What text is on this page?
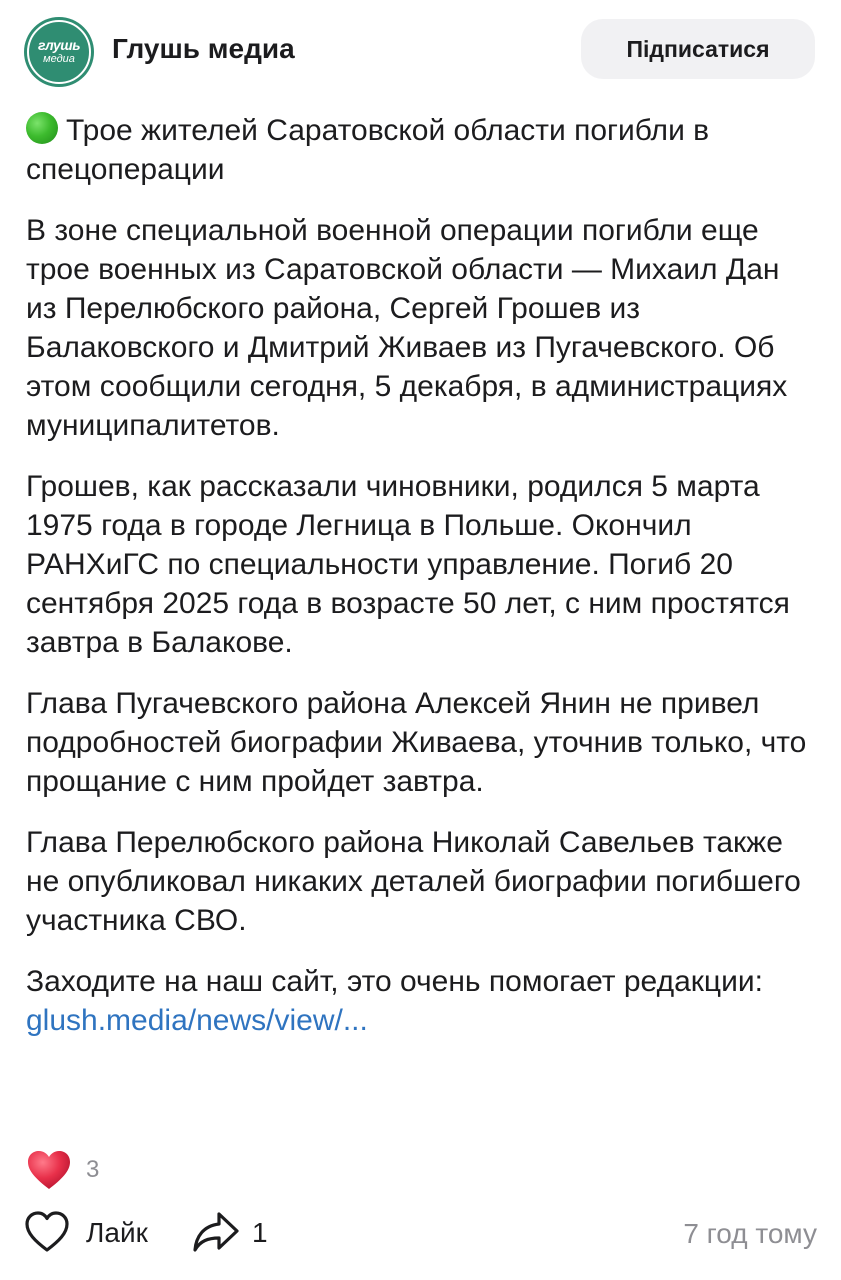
глушь
медиа	Глушь медиа	Підписатися

Трое жителей Саратовской области погибли в спецоперации

В зоне специальной военной операции погибли еще трое военных из Саратовской области — Михаил Дан из Перелюбского района, Сергей Грошев из Балаковского и Дмитрий Живаев из Пугачевского. Об этом сообщили сегодня, 5 декабря, в администрациях муниципалитетов.

Грошев, как рассказали чиновники, родился 5 марта 1975 года в городе Легница в Польше. Окончил РАНХиГС по специальности управление. Погиб 20 сентября 2025 года в возрасте 50 лет, с ним простятся завтра в Балакове.

Глава Пугачевского района Алексей Янин не привел подробностей биографии Живаева, уточнив только, что прощание с ним пройдет завтра.

Глава Перелюбского района Николай Савельев также не опубликовал никаких деталей биографии погибшего участника СВО.

Заходите на наш сайт, это очень помогает редакции: glush.media/news/view/...

3
Лайк	1	7 год тому
